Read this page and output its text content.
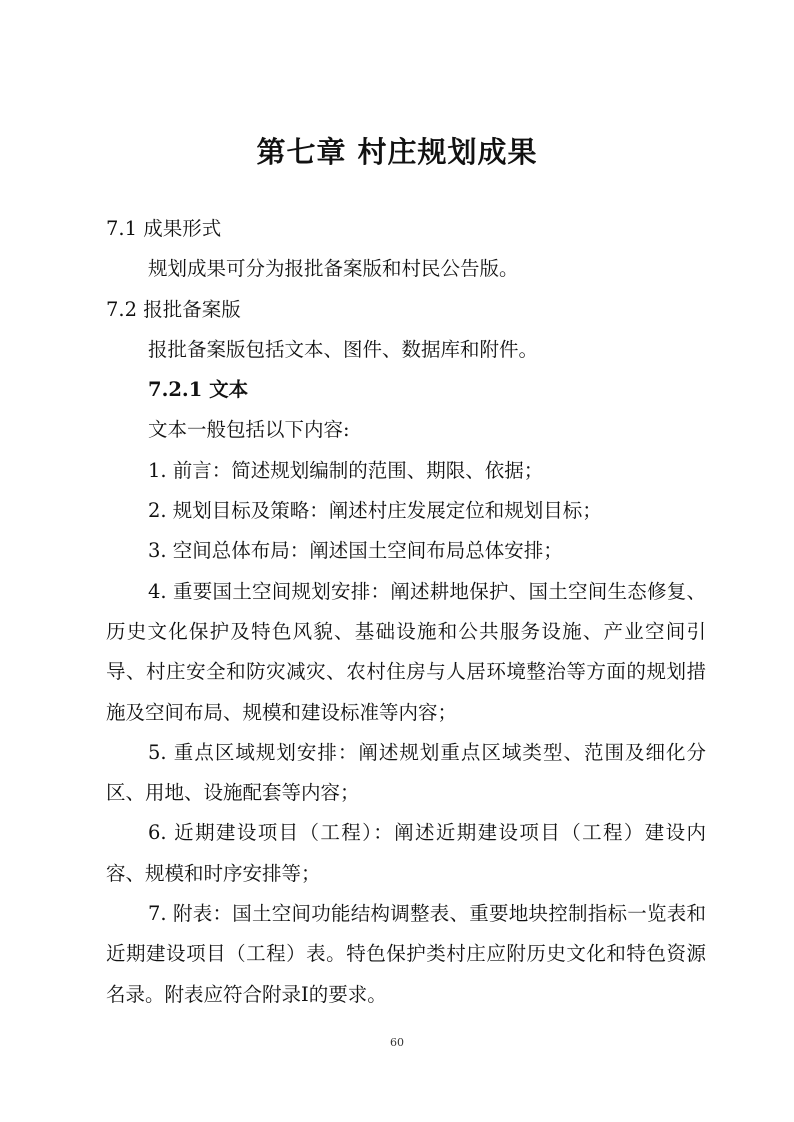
第七章 村庄规划成果

7.1 成果形式

规划成果可分为报批备案版和村民公告版。

7.2 报批备案版

报批备案版包括文本、图件、数据库和附件。

7.2.1 文本

文本一般包括以下内容:

1. 前言：简述规划编制的范围、期限、依据；

2. 规划目标及策略：阐述村庄发展定位和规划目标；

3. 空间总体布局：阐述国土空间布局总体安排；

4. 重要国土空间规划安排：阐述耕地保护、国土空间生态修复、历史文化保护及特色风貌、基础设施和公共服务设施、产业空间引导、村庄安全和防灾减灾、农村住房与人居环境整治等方面的规划措施及空间布局、规模和建设标准等内容；

5. 重点区域规划安排：阐述规划重点区域类型、范围及细化分区、用地、设施配套等内容；

6. 近期建设项目（工程）：阐述近期建设项目（工程）建设内容、规模和时序安排等；

7. 附表：国土空间功能结构调整表、重要地块控制指标一览表和近期建设项目（工程）表。特色保护类村庄应附历史文化和特色资源名录。附表应符合附录I的要求。

60
